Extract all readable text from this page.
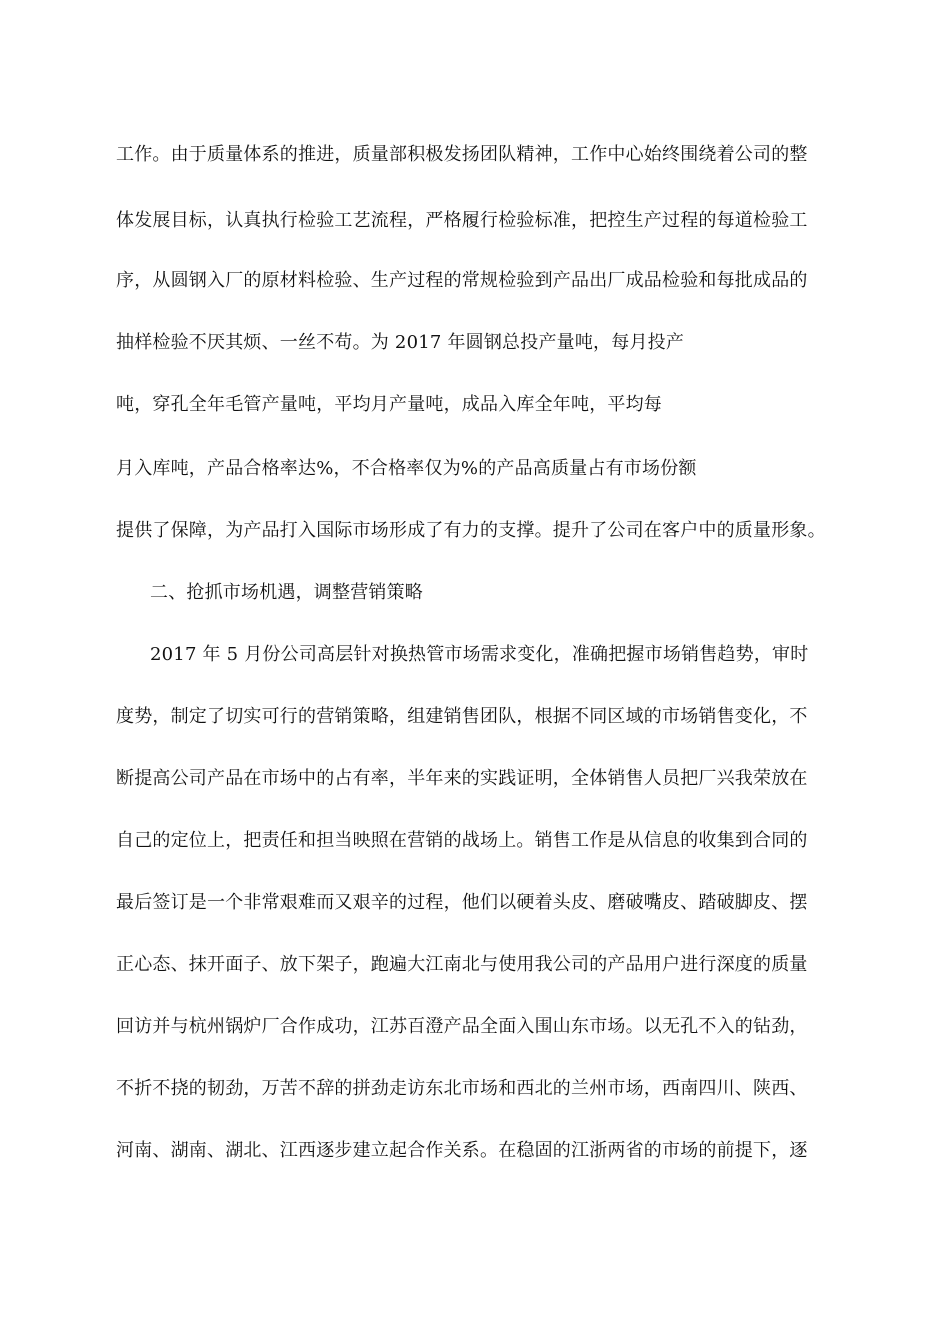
工作。由于质量体系的推进，质量部积极发扬团队精神，工作中心始终围绕着公司的整
体发展目标，认真执行检验工艺流程，严格履行检验标准，把控生产过程的每道检验工
序，从圆钢入厂的原材料检验、生产过程的常规检验到产品出厂成品检验和每批成品的
抽样检验不厌其烦、一丝不苟。为 2017 年圆钢总投产量吨，每月投产
吨，穿孔全年毛管产量吨，平均月产量吨，成品入库全年吨，平均每
月入库吨，产品合格率达%，不合格率仅为%的产品高质量占有市场份额
提供了保障，为产品打入国际市场形成了有力的支撑。提升了公司在客户中的质量形象。
二、抢抓市场机遇，调整营销策略
2017 年 5 月份公司高层针对换热管市场需求变化，准确把握市场销售趋势，审时
度势，制定了切实可行的营销策略，组建销售团队，根据不同区域的市场销售变化，不
断提高公司产品在市场中的占有率，半年来的实践证明，全体销售人员把厂兴我荣放在
自己的定位上，把责任和担当映照在营销的战场上。销售工作是从信息的收集到合同的
最后签订是一个非常艰难而又艰辛的过程，他们以硬着头皮、磨破嘴皮、踏破脚皮、摆
正心态、抹开面子、放下架子，跑遍大江南北与使用我公司的产品用户进行深度的质量
回访并与杭州锅炉厂合作成功，江苏百澄产品全面入围山东市场。以无孔不入的钻劲，
不折不挠的韧劲，万苦不辞的拼劲走访东北市场和西北的兰州市场，西南四川、陕西、
河南、湖南、湖北、江西逐步建立起合作关系。在稳固的江浙两省的市场的前提下，逐
